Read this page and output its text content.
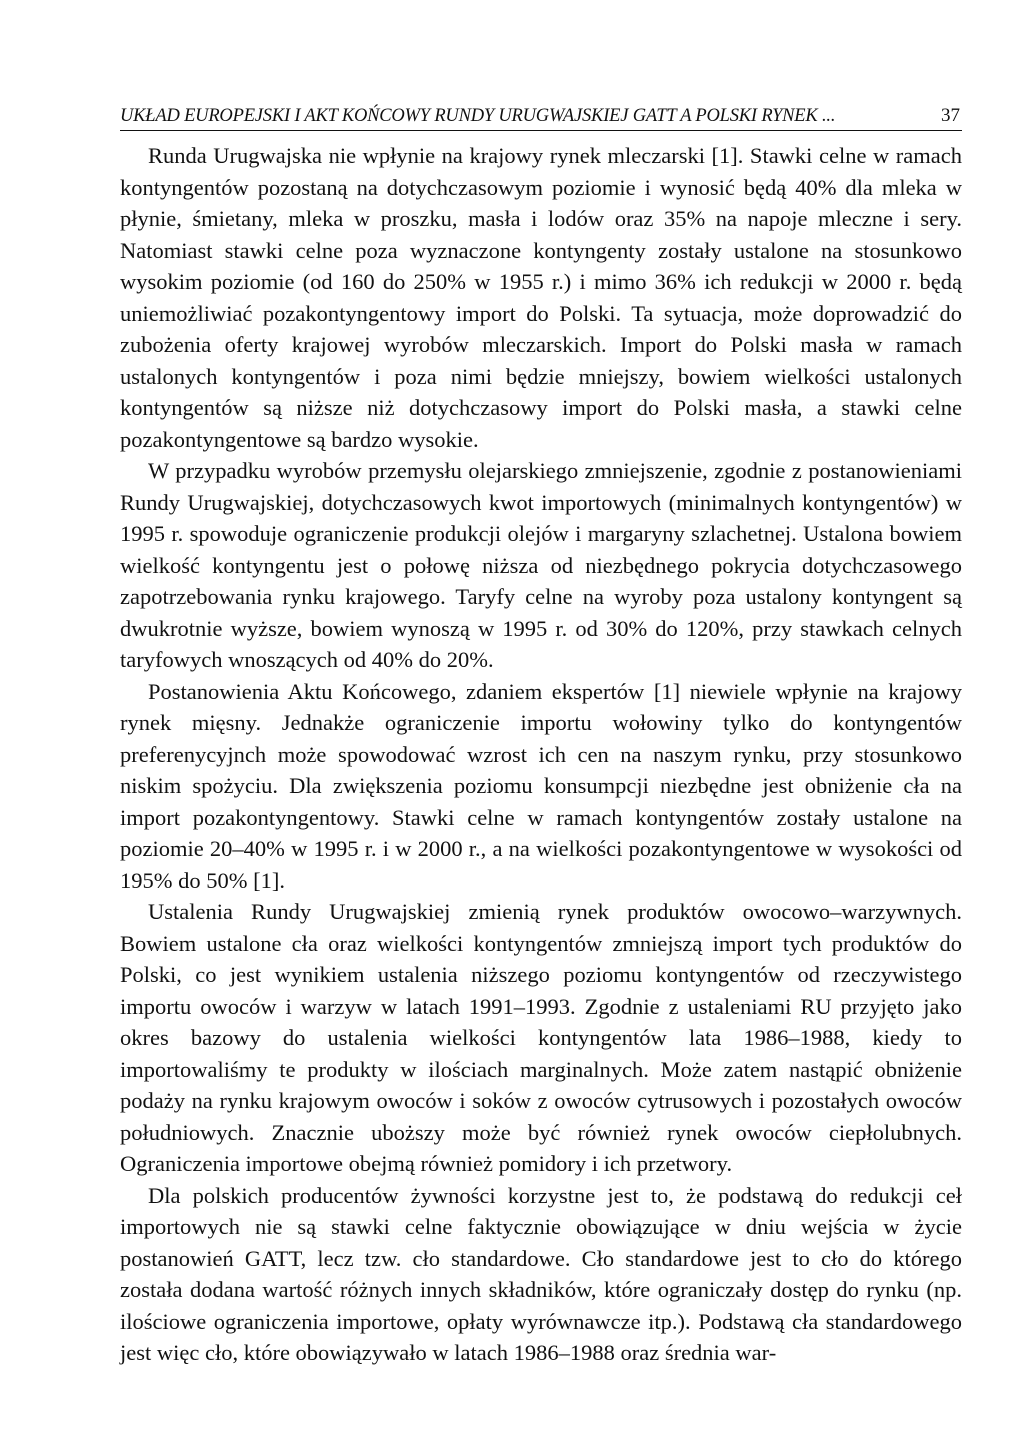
UKŁAD EUROPEJSKI I AKT KOŃCOWY RUNDY URUGWAJSKIEJ GATT A POLSKI RYNEK ...	37

Runda Urugwajska nie wpłynie na krajowy rynek mleczarski [1]. Stawki celne w ramach kontyngentów pozostaną na dotychczasowym poziomie i wynosić będą 40% dla mleka w płynie, śmietany, mleka w proszku, masła i lodów oraz 35% na napoje mleczne i sery. Natomiast stawki celne poza wyznaczone kontyngenty zostały ustalone na stosunkowo wysokim poziomie (od 160 do 250% w 1955 r.) i mimo 36% ich redukcji w 2000 r. będą uniemożliwiać pozakontyngentowy import do Polski. Ta sytuacja, może doprowadzić do zubożenia oferty krajowej wyrobów mleczarskich. Import do Polski masła w ramach ustalonych kontyngentów i poza nimi będzie mniejszy, bowiem wielkości ustalonych kontyngentów są niższe niż dotychczasowy import do Polski masła, a stawki celne pozakontyngentowe są bardzo wysokie.

W przypadku wyrobów przemysłu olejarskiego zmniejszenie, zgodnie z postanowieniami Rundy Urugwajskiej, dotychczasowych kwot importowych (minimalnych kontyngentów) w 1995 r. spowoduje ograniczenie produkcji olejów i margaryny szlachetnej. Ustalona bowiem wielkość kontyngentu jest o połowę niższa od niezbędnego pokrycia dotychczasowego zapotrzebowania rynku krajowego. Taryfy celne na wyroby poza ustalony kontyngent są dwukrotnie wyższe, bowiem wynoszą w 1995 r. od 30% do 120%, przy stawkach celnych taryfowych wnoszących od 40% do 20%.

Postanowienia Aktu Końcowego, zdaniem ekspertów [1] niewiele wpłynie na krajowy rynek mięsny. Jednakże ograniczenie importu wołowiny tylko do kontyngentów preferenycyjnch może spowodować wzrost ich cen na naszym rynku, przy stosunkowo niskim spożyciu. Dla zwiększenia poziomu konsumpcji niezbędne jest obniżenie cła na import pozakontyngentowy. Stawki celne w ramach kontyngentów zostały ustalone na poziomie 20–40% w 1995 r. i w 2000 r., a na wielkości pozakontyngentowe w wysokości od 195% do 50% [1].

Ustalenia Rundy Urugwajskiej zmienią rynek produktów owocowo–warzywnych. Bowiem ustalone cła oraz wielkości kontyngentów zmniejszą import tych produktów do Polski, co jest wynikiem ustalenia niższego poziomu kontyngentów od rzeczywistego importu owoców i warzyw w latach 1991–1993. Zgodnie z ustaleniami RU przyjęto jako okres bazowy do ustalenia wielkości kontyngentów lata 1986–1988, kiedy to importowaliśmy te produkty w ilościach marginalnych. Może zatem nastąpić obniżenie podaży na rynku krajowym owoców i soków z owoców cytrusowych i pozostałych owoców południowych. Znacznie uboższy może być również rynek owoców ciepłolubnych. Ograniczenia importowe obejmą również pomidory i ich przetwory.

Dla polskich producentów żywności korzystne jest to, że podstawą do redukcji ceł importowych nie są stawki celne faktycznie obowiązujące w dniu wejścia w życie postanowień GATT, lecz tzw. cło standardowe. Cło standardowe jest to cło do którego została dodana wartość różnych innych składników, które ograniczały dostęp do rynku (np. ilościowe ograniczenia importowe, opłaty wyrównawcze itp.). Podstawą cła standardowego jest więc cło, które obowiązywało w latach 1986–1988 oraz średnia war-
